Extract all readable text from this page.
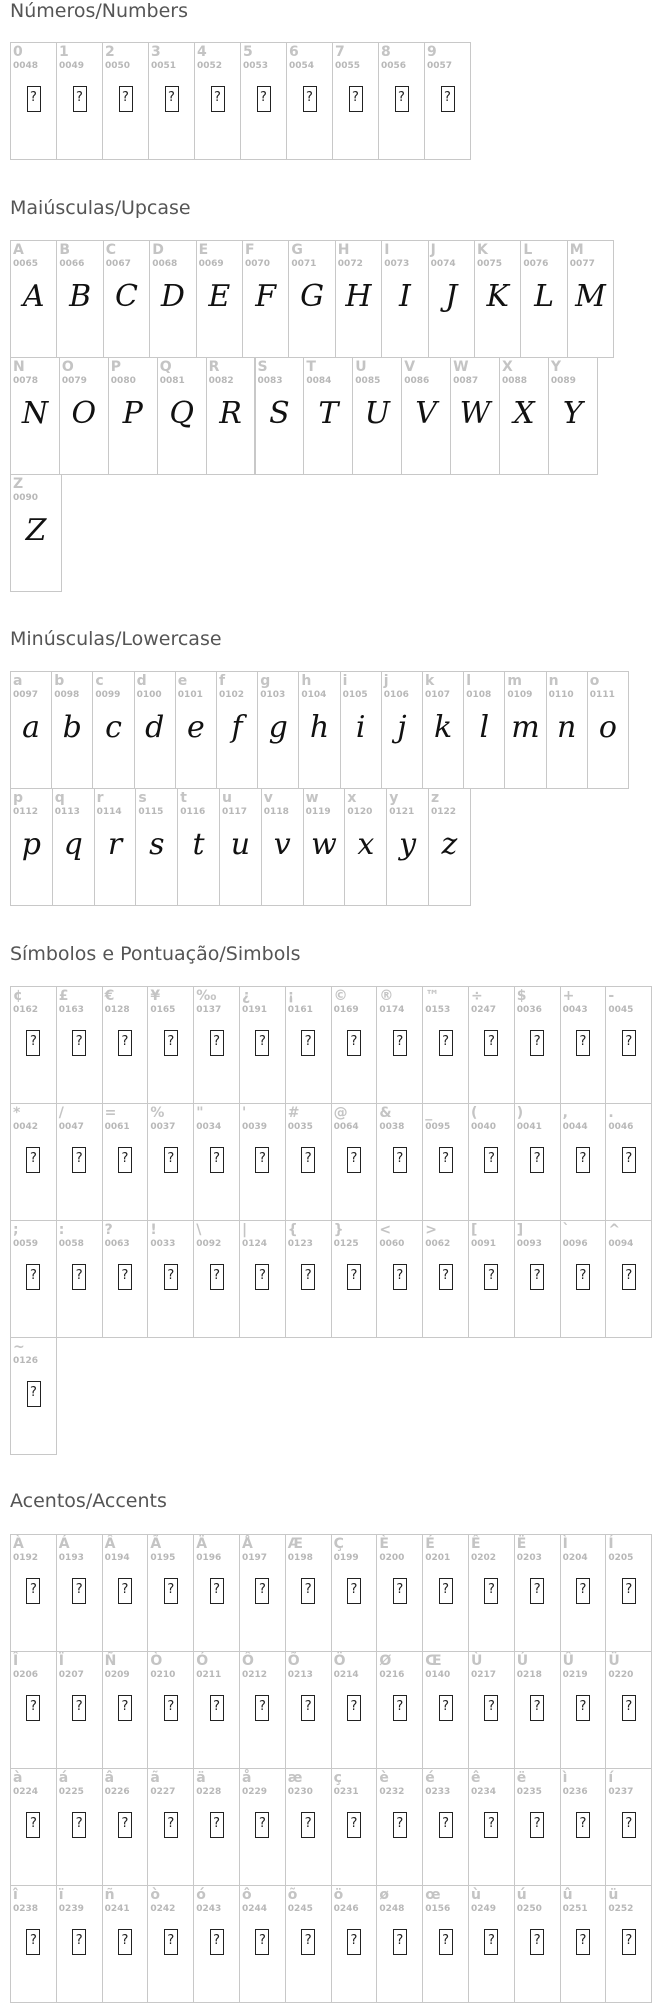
Números/Numbers
0
0048
?
1
0049
?
2
0050
?
3
0051
?
4
0052
?
5
0053
?
6
0054
?
7
0055
?
8
0056
?
9
0057
?
Maiúsculas/Upcase
A
0065
A
B
0066
B
C
0067
C
D
0068
D
E
0069
E
F
0070
F
G
0071
G
H
0072
H
I
0073
I
J
0074
J
K
0075
K
L
0076
L
M
0077
M
N
0078
N
O
0079
O
P
0080
P
Q
0081
Q
R
0082
R
S
0083
S
T
0084
T
U
0085
U
V
0086
V
W
0087
W
X
0088
X
Y
0089
Y
Z
0090
Z
Minúsculas/Lowercase
a
0097
a
b
0098
b
c
0099
c
d
0100
d
e
0101
e
f
0102
f
g
0103
g
h
0104
h
i
0105
i
j
0106
j
k
0107
k
l
0108
l
m
0109
m
n
0110
n
o
0111
o
p
0112
p
q
0113
q
r
0114
r
s
0115
s
t
0116
t
u
0117
u
v
0118
v
w
0119
w
x
0120
x
y
0121
y
z
0122
z
Símbolos e Pontuação/Simbols
¢
0162
?
£
0163
?
€
0128
?
¥
0165
?
‰
0137
?
¿
0191
?
¡
0161
?
©
0169
?
®
0174
?
™
0153
?
÷
0247
?
$
0036
?
+
0043
?
-
0045
?
*
0042
?
/
0047
?
=
0061
?
%
0037
?
"
0034
?
'
0039
?
#
0035
?
@
0064
?
&
0038
?
_
0095
?
(
0040
?
)
0041
?
,
0044
?
.
0046
?
;
0059
?
:
0058
?
?
0063
?
!
0033
?
\
0092
?
|
0124
?
{
0123
?
}
0125
?
<
0060
?
>
0062
?
[
0091
?
]
0093
?
`
0096
?
^
0094
?
~
0126
?
Acentos/Accents
À
0192
?
Á
0193
?
Â
0194
?
Ã
0195
?
Ä
0196
?
Å
0197
?
Æ
0198
?
Ç
0199
?
È
0200
?
É
0201
?
Ê
0202
?
Ë
0203
?
Ì
0204
?
Í
0205
?
Î
0206
?
Ï
0207
?
Ñ
0209
?
Ò
0210
?
Ó
0211
?
Ô
0212
?
Õ
0213
?
Ö
0214
?
Ø
0216
?
Œ
0140
?
Ù
0217
?
Ú
0218
?
Û
0219
?
Ü
0220
?
à
0224
?
á
0225
?
â
0226
?
ã
0227
?
ä
0228
?
å
0229
?
æ
0230
?
ç
0231
?
è
0232
?
é
0233
?
ê
0234
?
ë
0235
?
ì
0236
?
í
0237
?
î
0238
?
ï
0239
?
ñ
0241
?
ò
0242
?
ó
0243
?
ô
0244
?
õ
0245
?
ö
0246
?
ø
0248
?
œ
0156
?
ù
0249
?
ú
0250
?
û
0251
?
ü
0252
?
